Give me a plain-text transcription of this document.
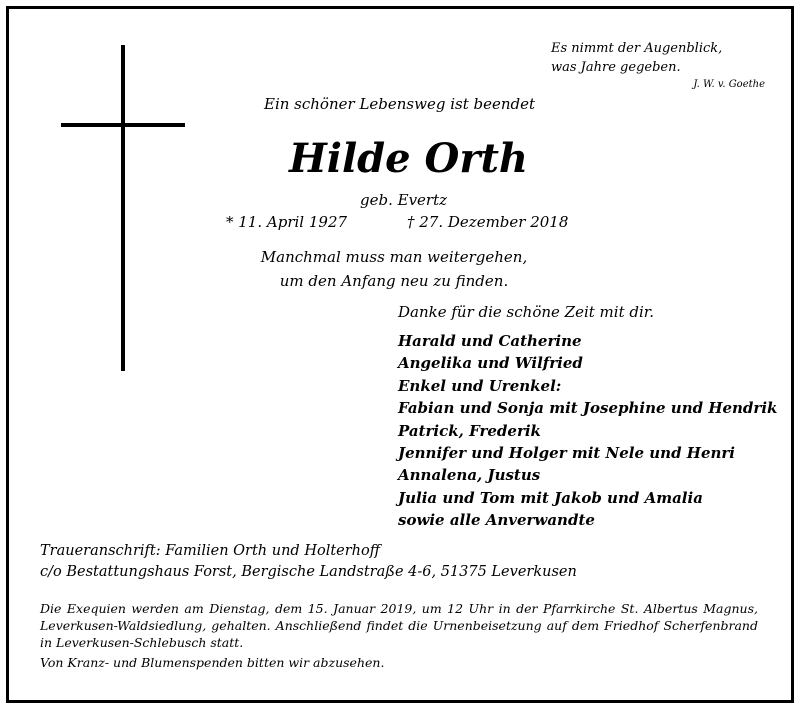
Es nimmt der Augenblick,
was Jahre gegeben.
J. W. v. Goethe
Ein schöner Lebensweg ist beendet
Hilde Orth
geb. Evertz
* 11. April 1927	† 27. Dezember 2018
Manchmal muss man weitergehen,
um den Anfang neu zu finden.
Danke für die schöne Zeit mit dir.
Harald und Catherine
Angelika und Wilfried
Enkel und Urenkel:
Fabian und Sonja mit Josephine und Hendrik
Patrick, Frederik
Jennifer und Holger mit Nele und Henri
Annalena, Justus
Julia und Tom mit Jakob und Amalia
sowie alle Anverwandte
Traueranschrift: Familien Orth und Holterhoff
c/o Bestattungshaus Forst, Bergische Landstraße 4-6, 51375 Leverkusen
Die Exequien werden am Dienstag, dem 15. Januar 2019, um 12 Uhr in der Pfarrkirche St. Albertus Magnus, Leverkusen-Waldsiedlung, gehalten. Anschließend findet die Urnenbeisetzung auf dem Friedhof Scherfenbrand in Leverkusen-Schlebusch statt.
Von Kranz- und Blumenspenden bitten wir abzusehen.
